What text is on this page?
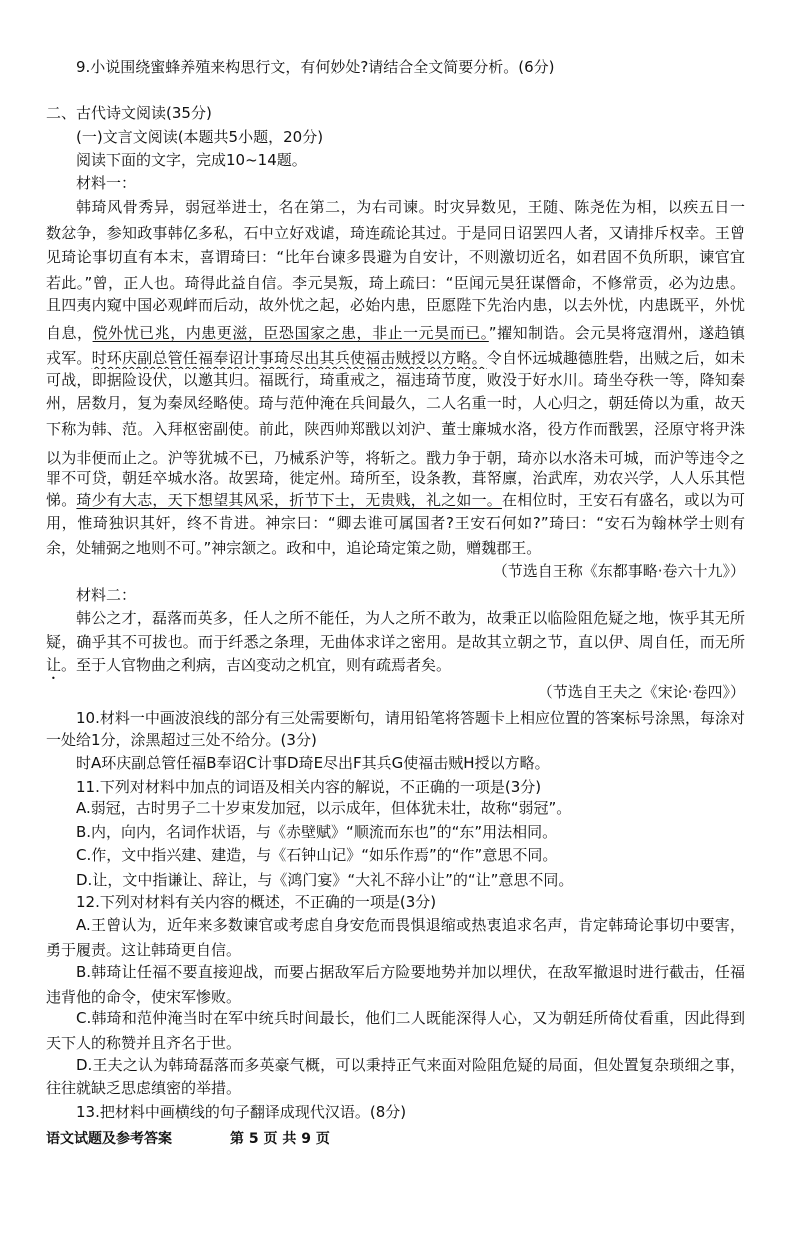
9.小说围绕蜜蜂养殖来构思行文，有何妙处?请结合全文简要分析。(6分)
二、古代诗文阅读(35分)
(一)文言文阅读(本题共5小题，20分)
阅读下面的文字，完成10~14题。
材料一：
韩琦风骨秀异，弱冠举进士，名在第二，为右司谏。时灾异数见，王随、陈尧佐为相，以疾五日一
数忿争，参知政事韩亿多私，石中立好戏谑，琦连疏论其过。于是同日诏罢四人者，又请排斥权幸。王曾
见琦论事切直有本末，喜谓琦曰：“比年台谏多畏避为自安计，不则激切近名，如君固不负所职，谏官宜
若此。”曾，正人也。琦得此益自信。李元昊叛，琦上疏曰：“臣闻元昊狂谋僭命，不修常贡，必为边患。
且四夷内窥中国必观衅而后动，故外忧之起，必始内患，臣愿陛下先治内患，以去外忧，内患既平，外忧
自息，傥外忧已兆，内患更滋，臣恐国家之患，非止一元昊而已。”擢知制诰。会元昊将寇渭州，遂趋镇
戎军。时环庆副总管任福奉诏计事琦尽出其兵使福击贼授以方略。令自怀远城趣德胜砦，出贼之后，如未
可战，即据险设伏，以邀其归。福既行，琦重戒之，福违琦节度，败没于好水川。琦坐夺秩一等，降知秦
州，居数月，复为秦凤经略使。琦与范仲淹在兵间最久，二人名重一时，人心归之，朝廷倚以为重，故天
下称为韩、范。入拜枢密副使。前此，陕西帅郑戬以刘沪、董士廉城水洛，役方作而戬罢，泾原守将尹洙
以为非便而止之。沪等犹城不已，乃械系沪等，将斩之。戬力争于朝，琦亦以水洛未可城，而沪等违令之
罪不可贷，朝廷卒城水洛。故罢琦，徙定州。琦所至，设条教，葺帑廪，治武库，劝农兴学，人人乐其恺
悌。琦少有大志，天下想望其风采，折节下士，无贵贱，礼之如一。在相位时，王安石有盛名，或以为可
用，惟琦独识其奸，终不肯进。神宗曰：“卿去谁可属国者?王安石何如?”琦曰：“安石为翰林学士则有
余，处辅弼之地则不可。”神宗颔之。政和中，追论琦定策之勋，赠魏郡王。
（节选自王称《东都事略·卷六十九》）
材料二：
韩公之才，磊落而英多，任人之所不能任，为人之所不敢为，故秉正以临险阻危疑之地，恢乎其无所
疑，确乎其不可拔也。而于纤悉之条理，无曲体求详之密用。是故其立朝之节，直以伊、周自任，而无所
让。至于人官物曲之利病，吉凶变动之机宜，则有疏焉者矣。
（节选自王夫之《宋论·卷四》）
10.材料一中画波浪线的部分有三处需要断句，请用铅笔将答题卡上相应位置的答案标号涂黑，每涂对
一处给1分，涂黑超过三处不给分。(3分)
时A环庆副总管任福B奉诏C计事D琦E尽出F其兵G使福击贼H授以方略。
11.下列对材料中加点的词语及相关内容的解说，不正确的一项是(3分)
A.弱冠，古时男子二十岁束发加冠，以示成年，但体犹未壮，故称“弱冠”。
B.内，向内，名词作状语，与《赤壁赋》“顺流而东也”的“东”用法相同。
C.作，文中指兴建、建造，与《石钟山记》“如乐作焉”的“作”意思不同。
D.让，文中指谦让、辞让，与《鸿门宴》“大礼不辞小让”的“让”意思不同。
12.下列对材料有关内容的概述，不正确的一项是(3分)
A.王曾认为，近年来多数谏官或考虑自身安危而畏惧退缩或热衷追求名声，肯定韩琦论事切中要害，
勇于履责。这让韩琦更自信。
B.韩琦让任福不要直接迎战，而要占据敌军后方险要地势并加以埋伏，在敌军撤退时进行截击，任福
违背他的命令，使宋军惨败。
C.韩琦和范仲淹当时在军中统兵时间最长，他们二人既能深得人心，又为朝廷所倚仗看重，因此得到
天下人的称赞并且齐名于世。
D.王夫之认为韩琦磊落而多英豪气概，可以秉持正气来面对险阻危疑的局面，但处置复杂琐细之事，
往往就缺乏思虑缜密的举措。
13.把材料中画横线的句子翻译成现代汉语。(8分)
语文试题及参考答案	第 5 页 共 9 页
